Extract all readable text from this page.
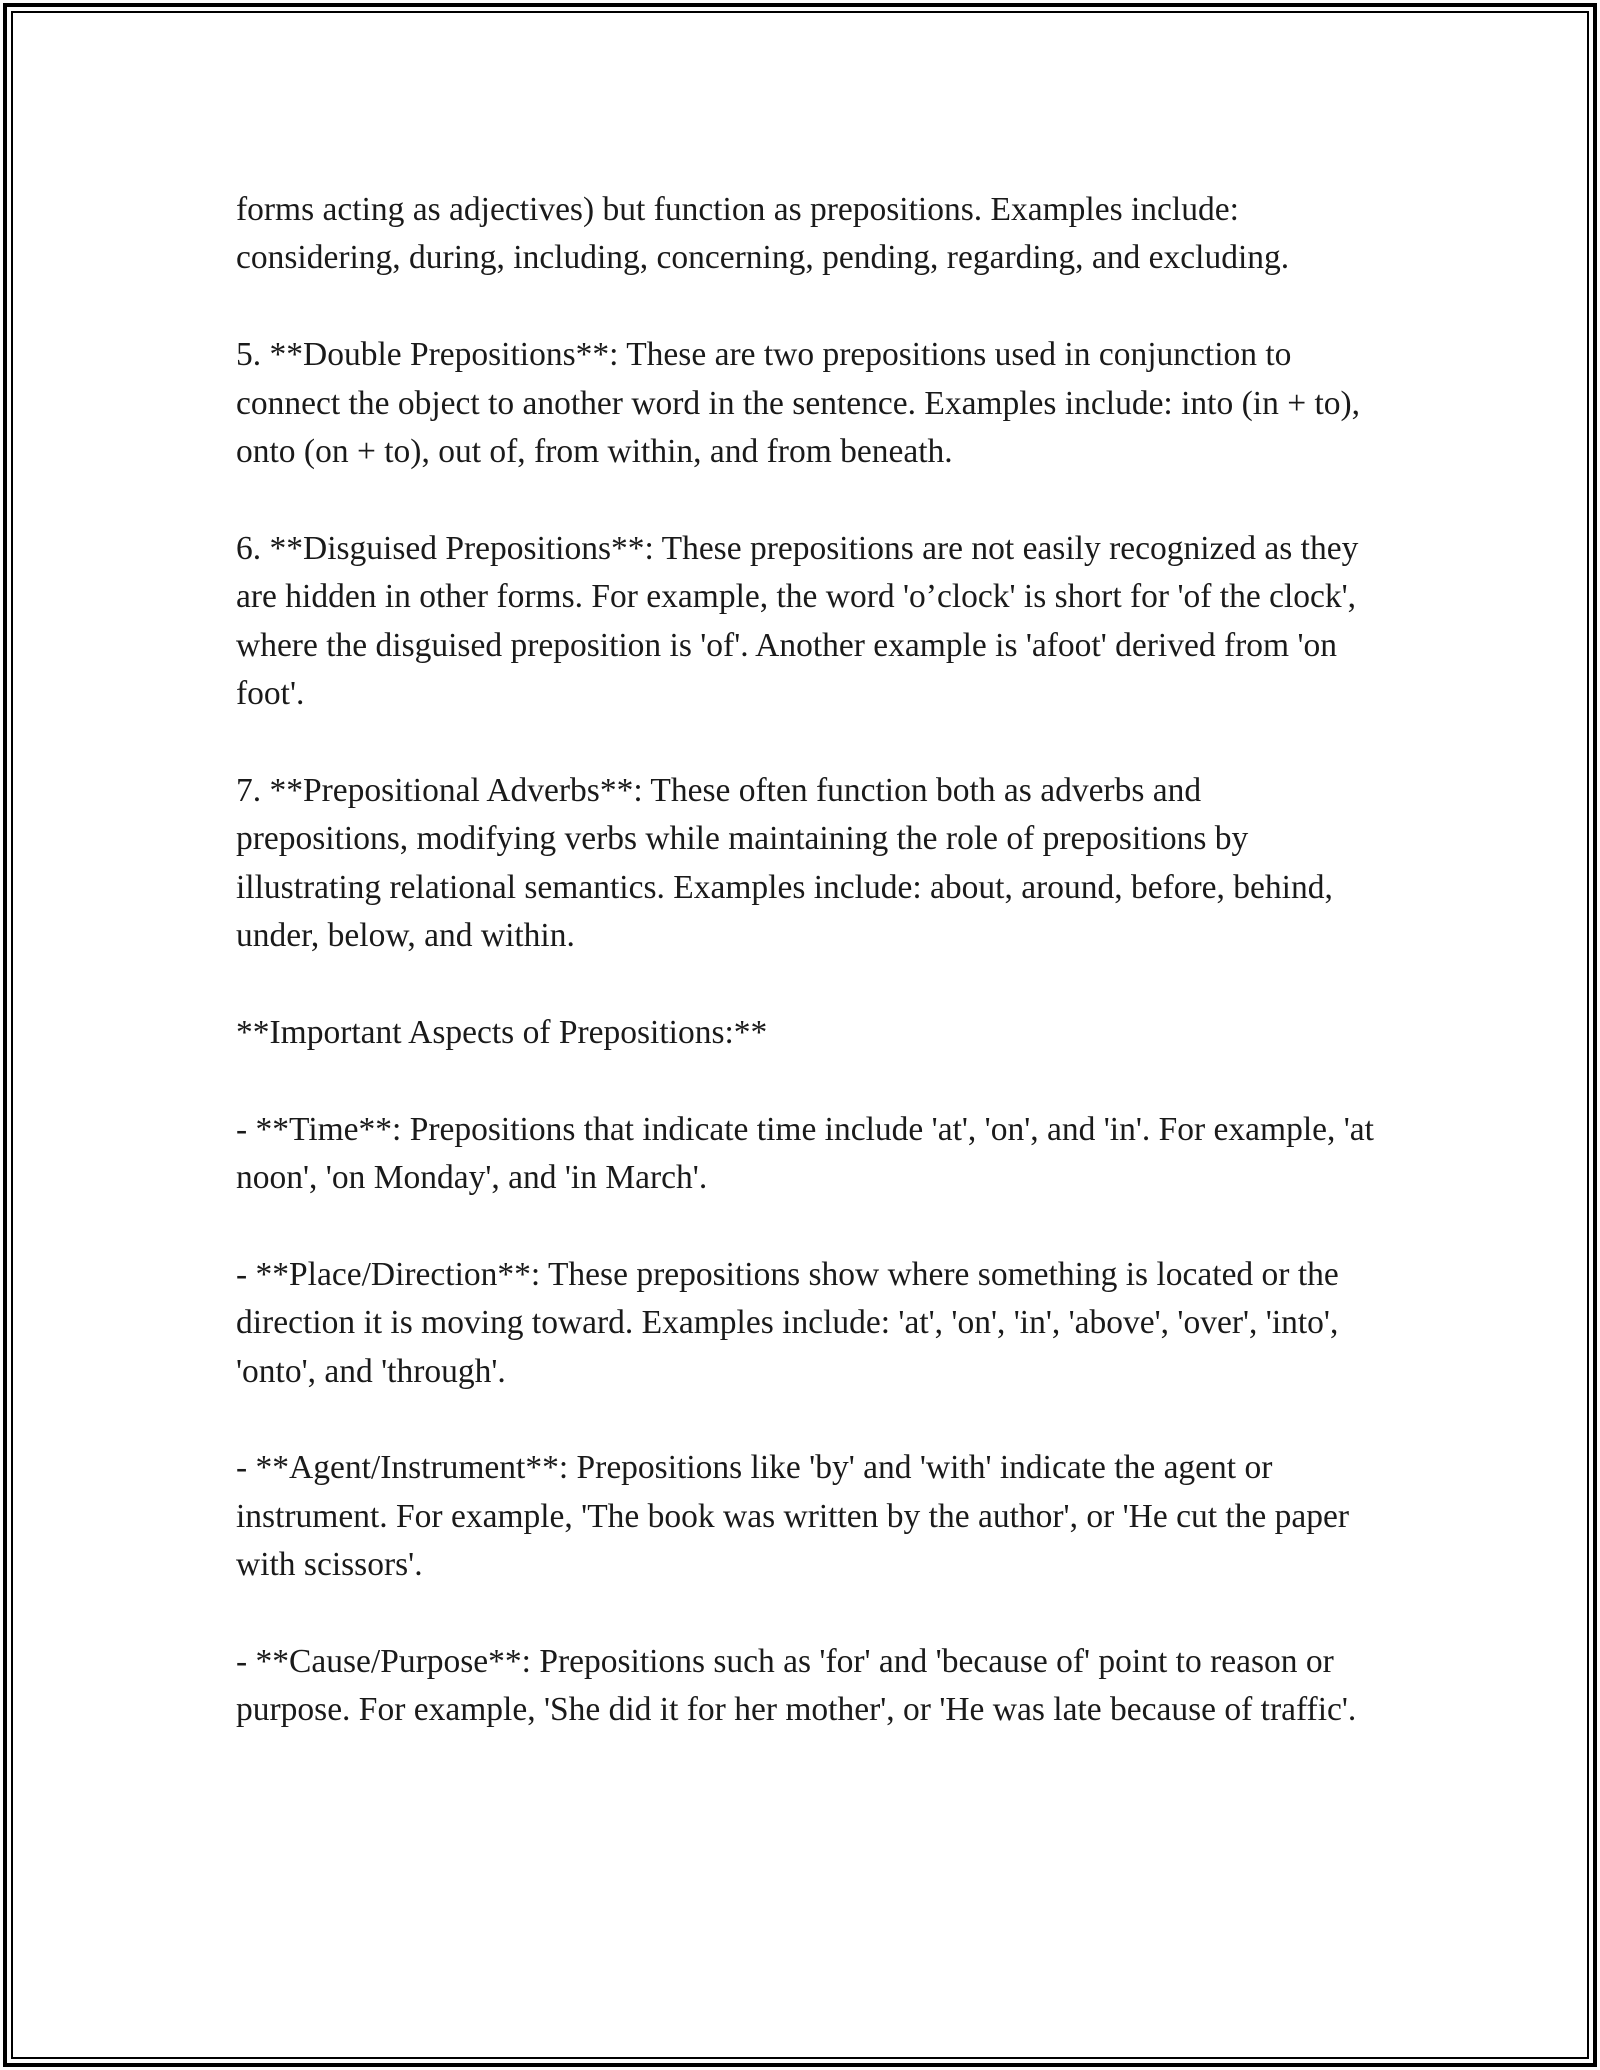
forms acting as adjectives) but function as prepositions. Examples include: considering, during, including, concerning, pending, regarding, and excluding.

5. **Double Prepositions**: These are two prepositions used in conjunction to connect the object to another word in the sentence. Examples include: into (in + to), onto (on + to), out of, from within, and from beneath.

6. **Disguised Prepositions**: These prepositions are not easily recognized as they are hidden in other forms. For example, the word 'o’clock' is short for 'of the clock', where the disguised preposition is 'of'. Another example is 'afoot' derived from 'on foot'.

7. **Prepositional Adverbs**: These often function both as adverbs and prepositions, modifying verbs while maintaining the role of prepositions by illustrating relational semantics. Examples include: about, around, before, behind, under, below, and within.

**Important Aspects of Prepositions:**

- **Time**: Prepositions that indicate time include 'at', 'on', and 'in'. For example, 'at noon', 'on Monday', and 'in March'.

- **Place/Direction**: These prepositions show where something is located or the direction it is moving toward. Examples include: 'at', 'on', 'in', 'above', 'over', 'into', 'onto', and 'through'.

- **Agent/Instrument**: Prepositions like 'by' and 'with' indicate the agent or instrument. For example, 'The book was written by the author', or 'He cut the paper with scissors'.

- **Cause/Purpose**: Prepositions such as 'for' and 'because of' point to reason or purpose. For example, 'She did it for her mother', or 'He was late because of traffic'.
